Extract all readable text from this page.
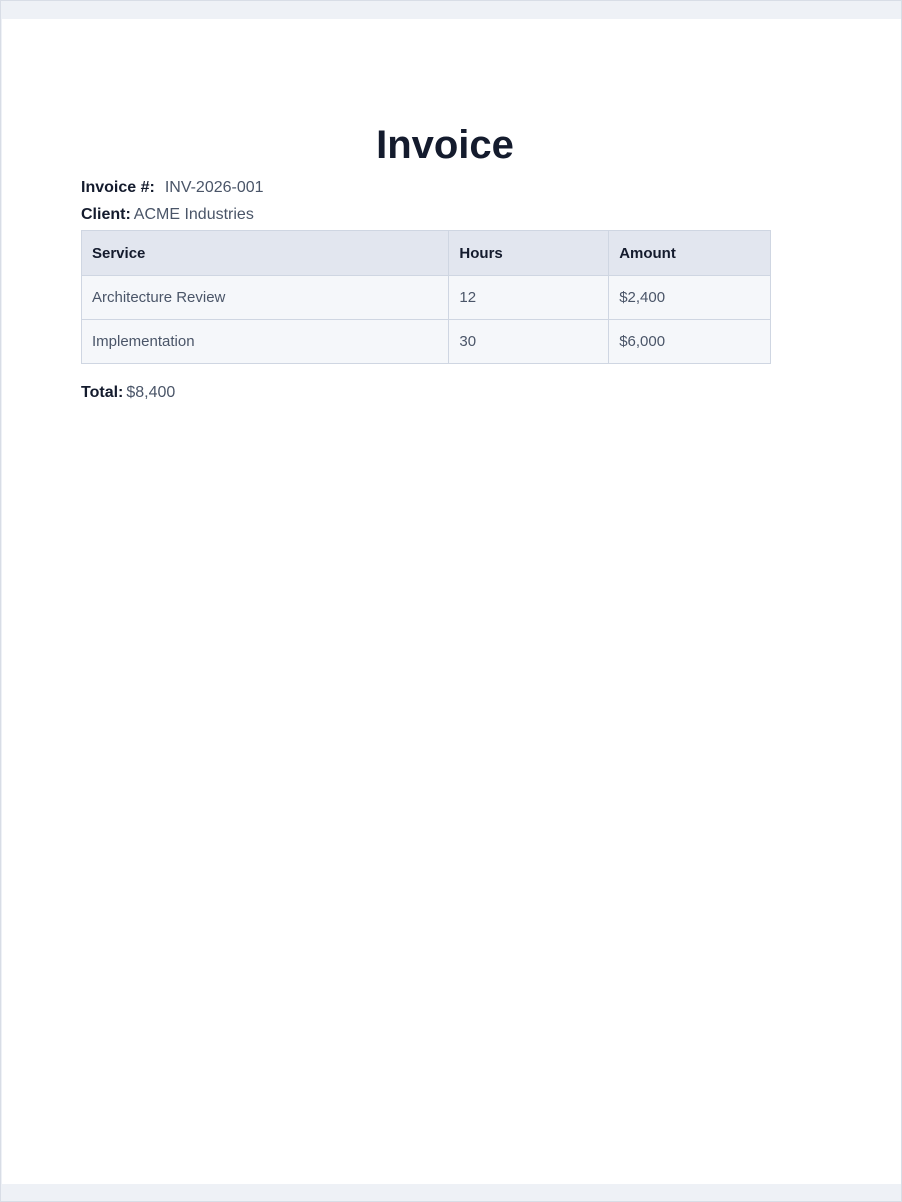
Invoice
Invoice #: INV-2026-001
Client: ACME Industries
Service	Hours	Amount
Architecture Review	12	$2,400
Implementation	30	$6,000
Total: $8,400
